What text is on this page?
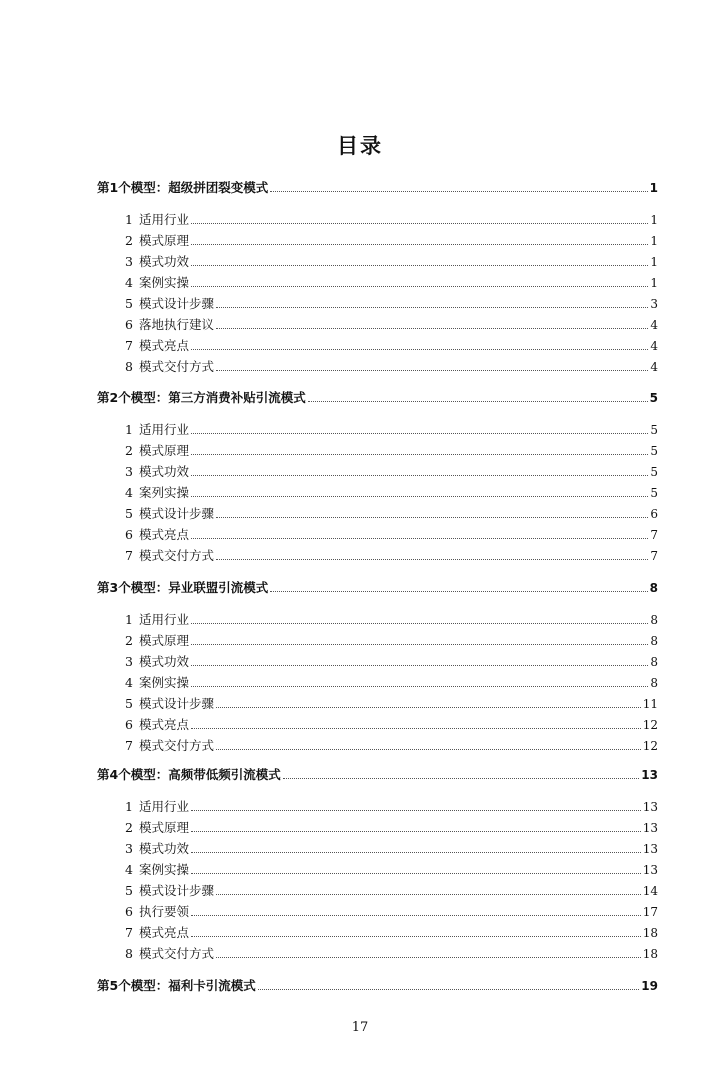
目录
第1个模型：超级拼团裂变模式	1
1 适用行业	1
2 模式原理	1
3 模式功效	1
4 案例实操	1
5 模式设计步骤	3
6 落地执行建议	4
7 模式亮点	4
8 模式交付方式	4
第2个模型：第三方消费补贴引流模式	5
1 适用行业	5
2 模式原理	5
3 模式功效	5
4 案列实操	5
5 模式设计步骤	6
6 模式亮点	7
7 模式交付方式	7
第3个模型：异业联盟引流模式	8
1 适用行业	8
2 模式原理	8
3 模式功效	8
4 案例实操	8
5 模式设计步骤	11
6 模式亮点	12
7 模式交付方式	12
第4个模型：高频带低频引流模式	13
1 适用行业	13
2 模式原理	13
3 模式功效	13
4 案例实操	13
5 模式设计步骤	14
6 执行要领	17
7 模式亮点	18
8 模式交付方式	18
第5个模型：福利卡引流模式	19
17
